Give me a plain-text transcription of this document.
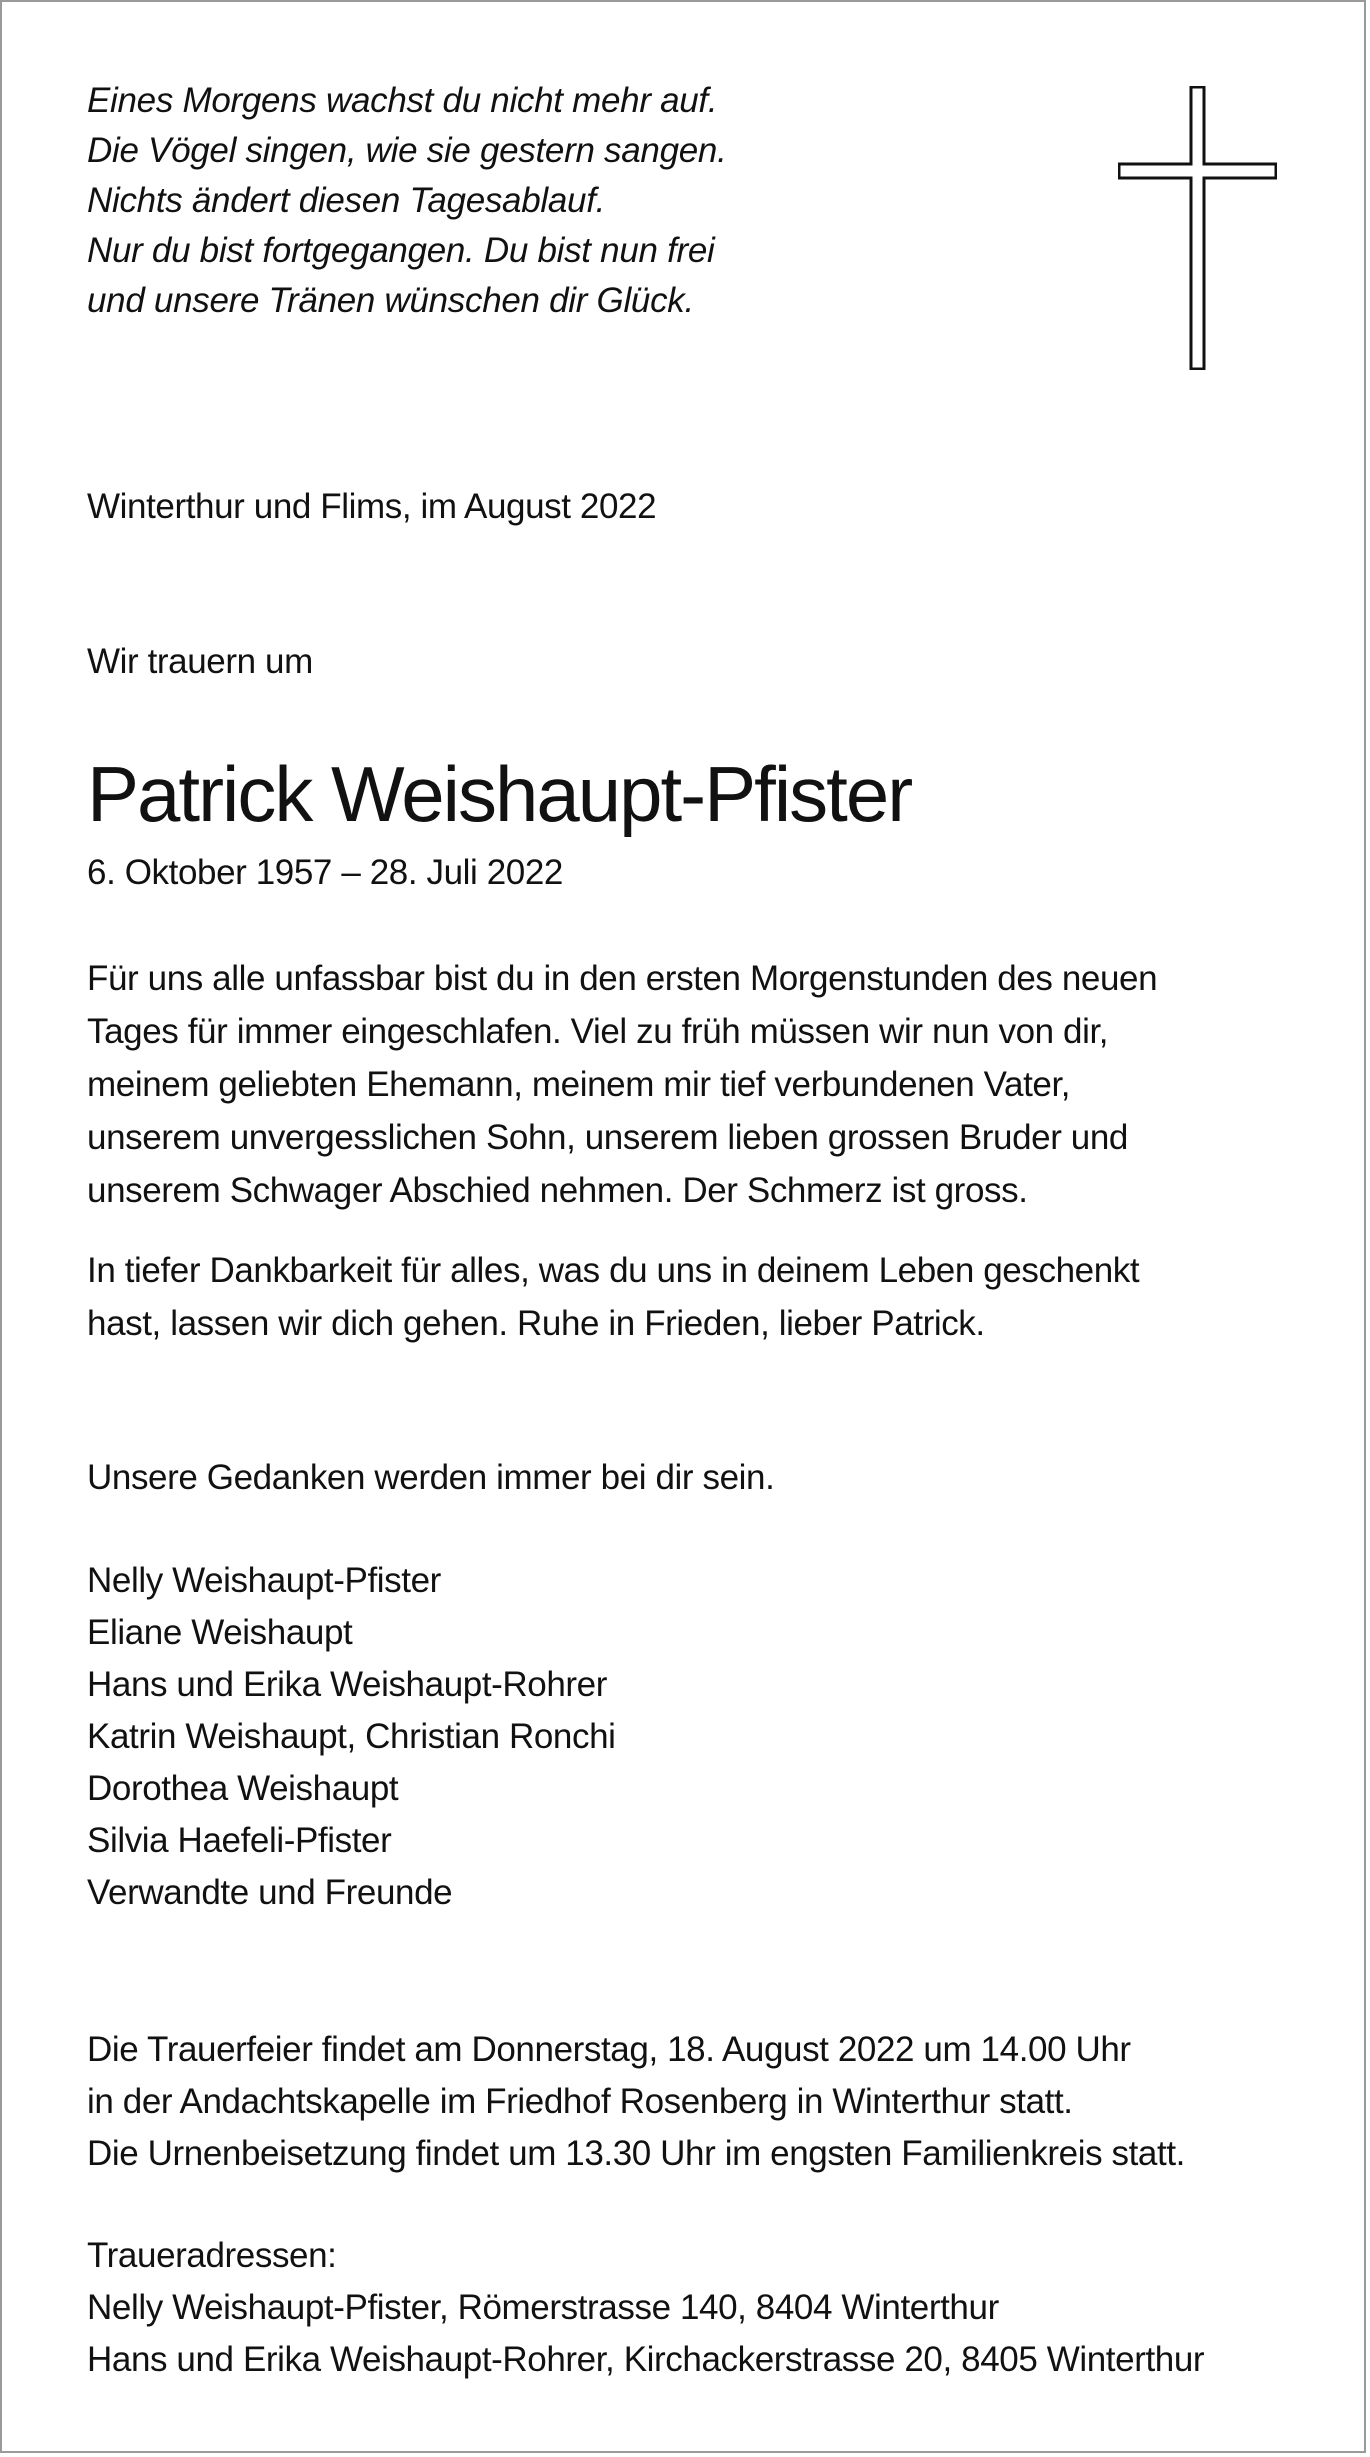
Eines Morgens wachst du nicht mehr auf.
Die Vögel singen, wie sie gestern sangen.
Nichts ändert diesen Tagesablauf.
Nur du bist fortgegangen. Du bist nun frei
und unsere Tränen wünschen dir Glück.
Winterthur und Flims, im August 2022
Wir trauern um
Patrick Weishaupt-Pfister
6. Oktober 1957 – 28. Juli 2022
Für uns alle unfassbar bist du in den ersten Morgenstunden des neuen
Tages für immer eingeschlafen. Viel zu früh müssen wir nun von dir,
meinem geliebten Ehemann, meinem mir tief verbundenen Vater,
unserem unvergesslichen Sohn, unserem lieben grossen Bruder und
unserem Schwager Abschied nehmen. Der Schmerz ist gross.
In tiefer Dankbarkeit für alles, was du uns in deinem Leben geschenkt
hast, lassen wir dich gehen. Ruhe in Frieden, lieber Patrick.
Unsere Gedanken werden immer bei dir sein.
Nelly Weishaupt-Pfister
Eliane Weishaupt
Hans und Erika Weishaupt-Rohrer
Katrin Weishaupt, Christian Ronchi
Dorothea Weishaupt
Silvia Haefeli-Pfister
Verwandte und Freunde
Die Trauerfeier findet am Donnerstag, 18. August 2022 um 14.00 Uhr
in der Andachtskapelle im Friedhof Rosenberg in Winterthur statt.
Die Urnenbeisetzung findet um 13.30 Uhr im engsten Familienkreis statt.
Traueradressen:
Nelly Weishaupt-Pfister, Römerstrasse 140, 8404 Winterthur
Hans und Erika Weishaupt-Rohrer, Kirchackerstrasse 20, 8405 Winterthur
